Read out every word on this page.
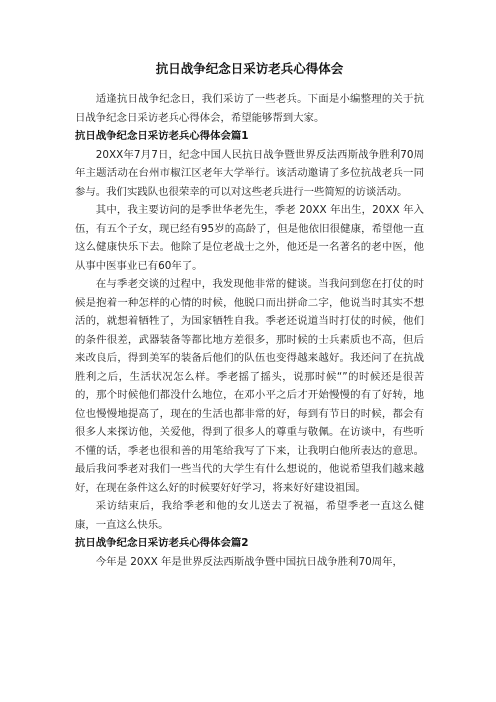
抗日战争纪念日采访老兵心得体会

适逢抗日战争纪念日，我们采访了一些老兵。下面是小编整理的关于抗日战争纪念日采访老兵心得体会，希望能够帮到大家。

抗日战争纪念日采访老兵心得体会篇1

20XX年7月7日，纪念中国人民抗日战争暨世界反法西斯战争胜利70周年主题活动在台州市椒江区老年大学举行。该活动邀请了多位抗战老兵一同参与。我们实践队也很荣幸的可以对这些老兵进行一些简短的访谈活动。

其中，我主要访问的是季世华老先生，季老 20XX 年出生，20XX 年入伍，有五个子女，现已经有95岁的高龄了，但是他依旧很健康，希望他一直这么健康快乐下去。他除了是位老战士之外，他还是一名著名的老中医，他从事中医事业已有60年了。

在与季老交谈的过程中，我发现他非常的健谈。当我问到您在打仗的时候是抱着一种怎样的心情的时候，他脱口而出拼命二字，他说当时其实不想活的，就想着牺牲了，为国家牺牲自我。季老还说道当时打仗的时候，他们的条件很差，武器装备等都比地方差很多，那时候的士兵素质也不高，但后来改良后，得到美军的装备后他们的队伍也变得越来越好。我还问了在抗战胜利之后，生活状况怎么样。季老摇了摇头，说那时候“”的时候还是很苦的，那个时候他们都没什么地位，在邓小平之后才开始慢慢的有了好转，地位也慢慢地提高了，现在的生活也都非常的好，每到有节日的时候，都会有很多人来探访他，关爱他，得到了很多人的尊重与敬佩。在访谈中，有些听不懂的话，季老也很和善的用笔给我写了下来，让我明白他所表达的意思。最后我问季老对我们一些当代的大学生有什么想说的，他说希望我们越来越好，在现在条件这么好的时候要好好学习，将来好好建设祖国。

采访结束后，我给季老和他的女儿送去了祝福，希望季老一直这么健康，一直这么快乐。

抗日战争纪念日采访老兵心得体会篇2

今年是 20XX 年是世界反法西斯战争暨中国抗日战争胜利70周年，
